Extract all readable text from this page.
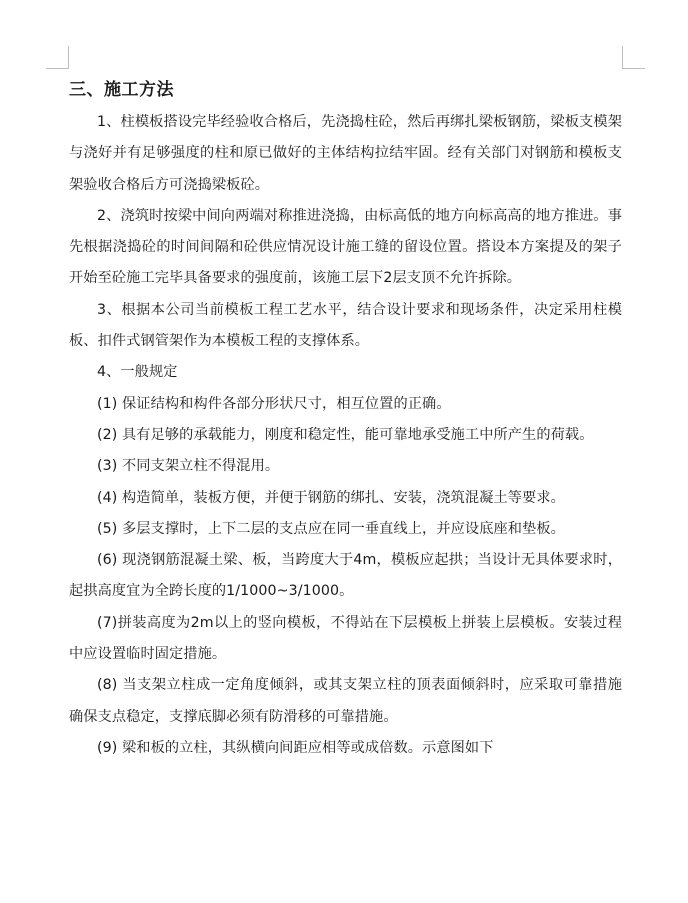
三、施工方法

1、柱模板搭设完毕经验收合格后，先浇捣柱砼，然后再绑扎梁板钢筋，梁板支模架与浇好并有足够强度的柱和原已做好的主体结构拉结牢固。经有关部门对钢筋和模板支架验收合格后方可浇捣梁板砼。

2、浇筑时按梁中间向两端对称推进浇捣，由标高低的地方向标高高的地方推进。事先根据浇捣砼的时间间隔和砼供应情况设计施工缝的留设位置。搭设本方案提及的架子开始至砼施工完毕具备要求的强度前，该施工层下2层支顶不允许拆除。

3、根据本公司当前模板工程工艺水平，结合设计要求和现场条件，决定采用柱模板、扣件式钢管架作为本模板工程的支撑体系。

4、一般规定

(1) 保证结构和构件各部分形状尺寸，相互位置的正确。

(2) 具有足够的承载能力，刚度和稳定性，能可靠地承受施工中所产生的荷载。

(3) 不同支架立柱不得混用。

(4) 构造简单，装板方便，并便于钢筋的绑扎、安装，浇筑混凝土等要求。

(5) 多层支撑时，上下二层的支点应在同一垂直线上，并应设底座和垫板。

(6) 现浇钢筋混凝土梁、板，当跨度大于4m，模板应起拱；当设计无具体要求时，起拱高度宜为全跨长度的1/1000~3/1000。

(7)拼装高度为2m以上的竖向模板，不得站在下层模板上拼装上层模板。安装过程中应设置临时固定措施。

(8) 当支架立柱成一定角度倾斜，或其支架立柱的顶表面倾斜时，应采取可靠措施确保支点稳定，支撑底脚必须有防滑移的可靠措施。

(9) 梁和板的立柱，其纵横向间距应相等或成倍数。示意图如下
